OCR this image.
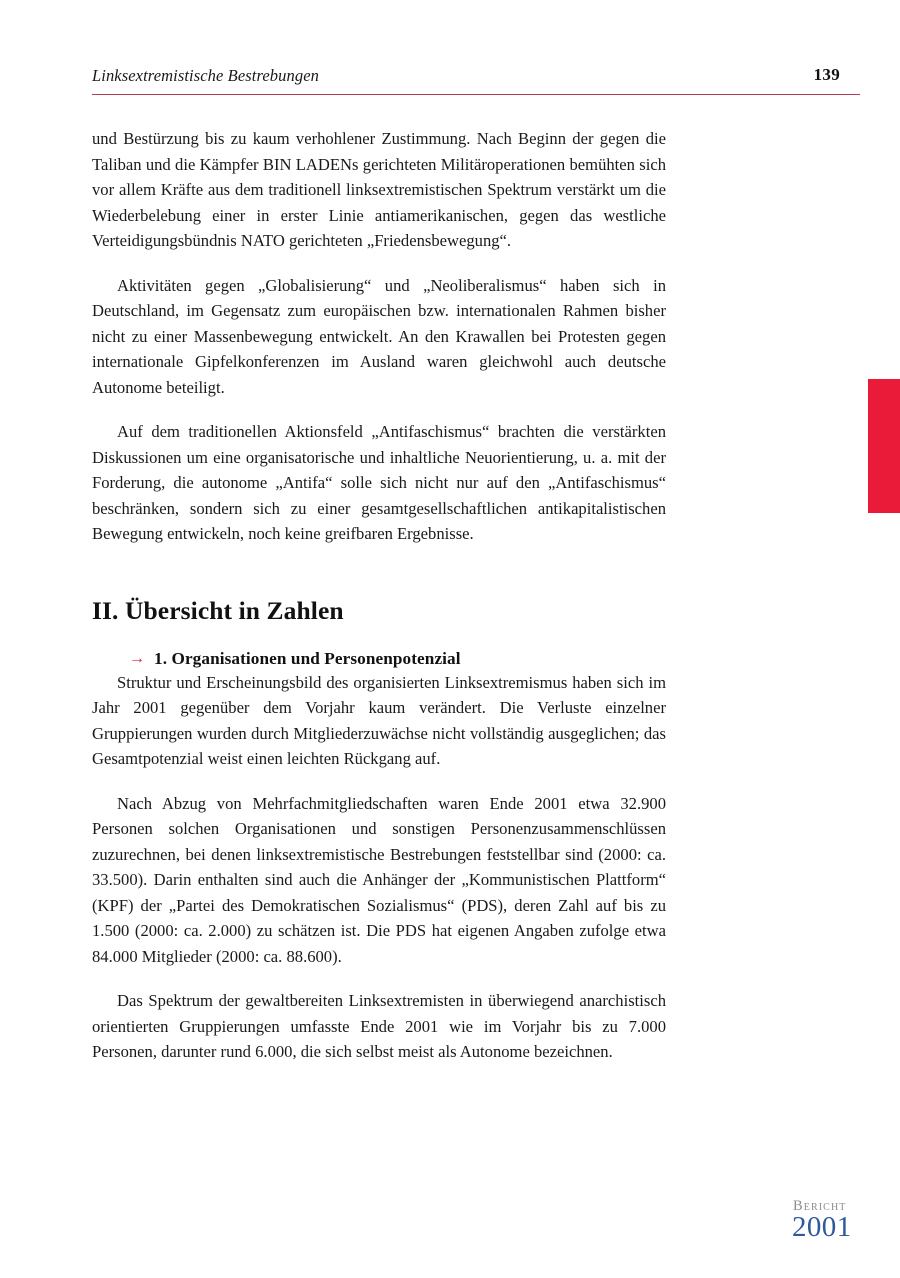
Linksextremistische Bestrebungen	139

und Bestürzung bis zu kaum verhohlener Zustimmung. Nach Beginn der gegen die Taliban und die Kämpfer BIN LADENs gerichteten Militäroperationen bemühten sich vor allem Kräfte aus dem traditionell linksextremistischen Spektrum verstärkt um die Wiederbelebung einer in erster Linie antiamerikanischen, gegen das westliche Verteidigungsbündnis NATO gerichteten „Friedensbewegung“.

Aktivitäten gegen „Globalisierung“ und „Neoliberalismus“ haben sich in Deutschland, im Gegensatz zum europäischen bzw. internationalen Rahmen bisher nicht zu einer Massenbewegung entwickelt. An den Krawallen bei Protesten gegen internationale Gipfelkonferenzen im Ausland waren gleichwohl auch deutsche Autonome beteiligt.

Auf dem traditionellen Aktionsfeld „Antifaschismus“ brachten die verstärkten Diskussionen um eine organisatorische und inhaltliche Neuorientierung, u. a. mit der Forderung, die autonome „Antifa“ solle sich nicht nur auf den „Antifaschismus“ beschränken, sondern sich zu einer gesamtgesellschaftlichen antikapitalistischen Bewegung entwickeln, noch keine greifbaren Ergebnisse.

II. Übersicht in Zahlen
→ 1. Organisationen und Personenpotenzial

Struktur und Erscheinungsbild des organisierten Linksextremismus haben sich im Jahr 2001 gegenüber dem Vorjahr kaum verändert. Die Verluste einzelner Gruppierungen wurden durch Mitgliederzuwächse nicht vollständig ausgeglichen; das Gesamtpotenzial weist einen leichten Rückgang auf.

Nach Abzug von Mehrfachmitgliedschaften waren Ende 2001 etwa 32.900 Personen solchen Organisationen und sonstigen Personenzusammenschlüssen zuzurechnen, bei denen linksextremistische Bestrebungen feststellbar sind (2000: ca. 33.500). Darin enthalten sind auch die Anhänger der „Kommunistischen Plattform“ (KPF) der „Partei des Demokratischen Sozialismus“ (PDS), deren Zahl auf bis zu 1.500 (2000: ca. 2.000) zu schätzen ist. Die PDS hat eigenen Angaben zufolge etwa 84.000 Mitglieder (2000: ca. 88.600).

Das Spektrum der gewaltbereiten Linksextremisten in überwiegend anarchistisch orientierten Gruppierungen umfasste Ende 2001 wie im Vorjahr bis zu 7.000 Personen, darunter rund 6.000, die sich selbst meist als Autonome bezeichnen.

Bericht
2001
